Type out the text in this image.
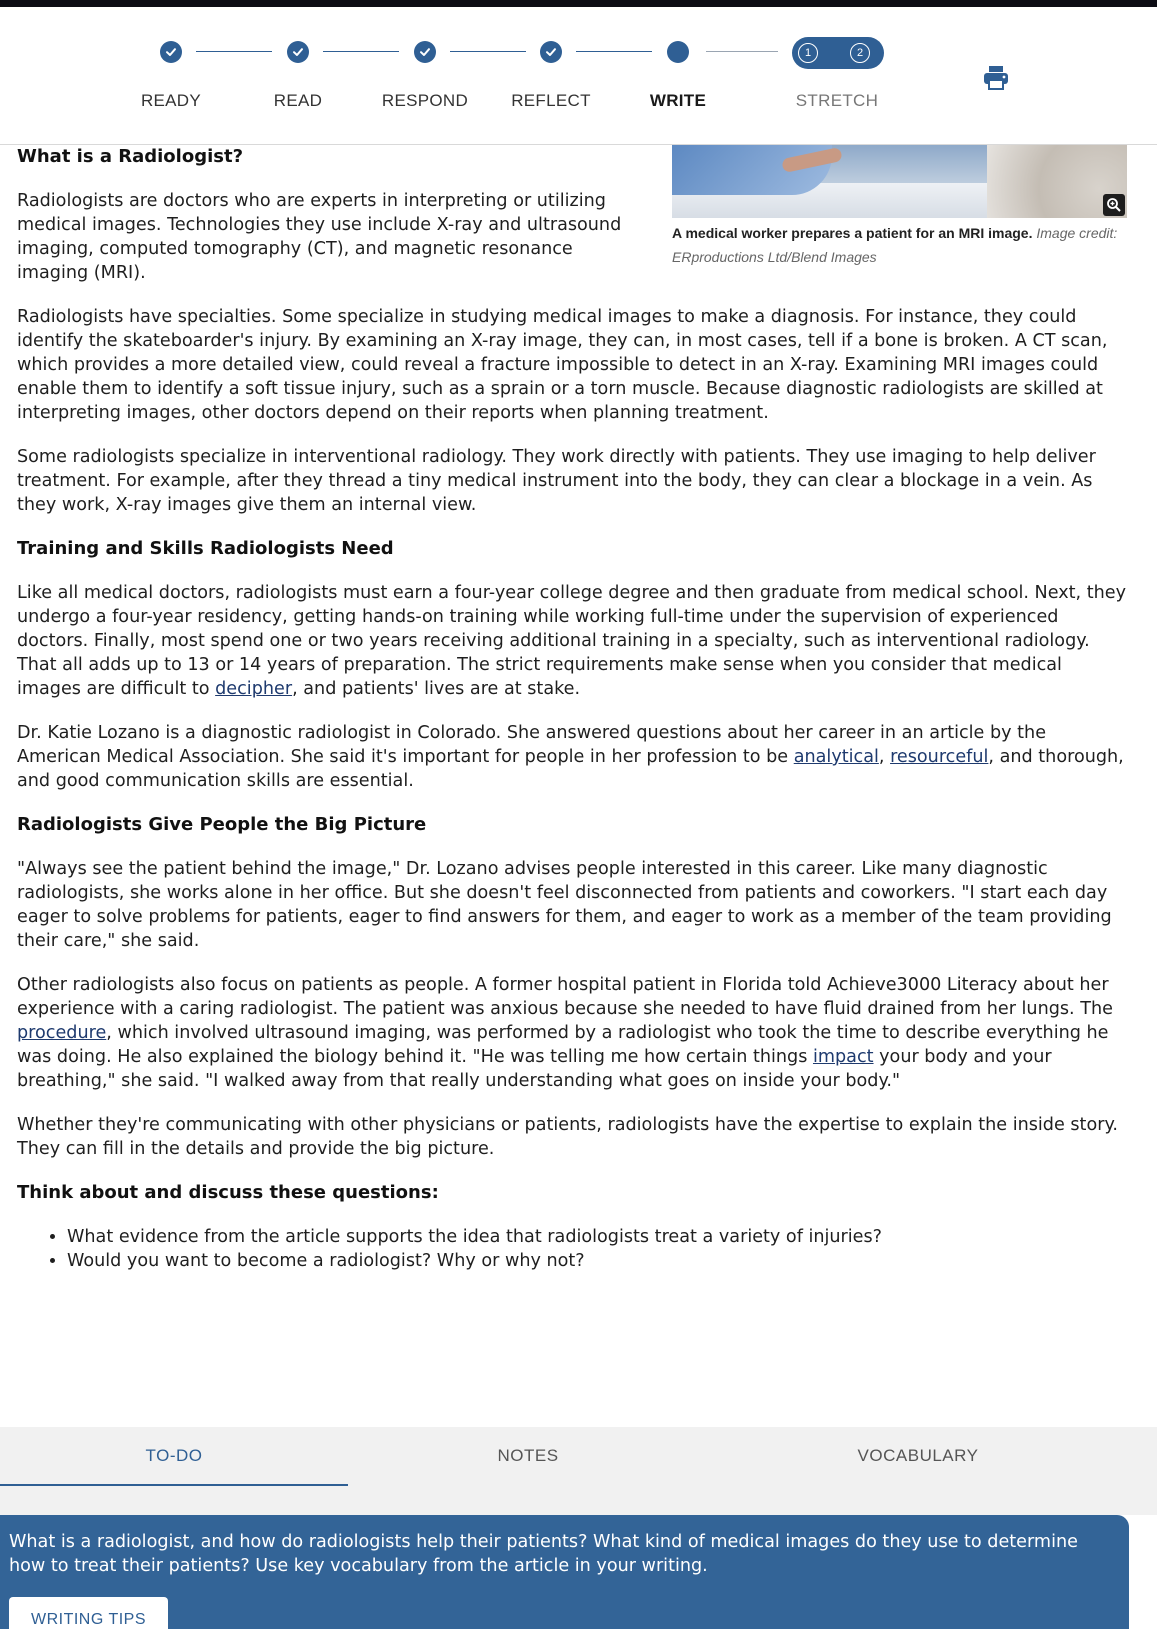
READY	READ	RESPOND	REFLECT	WRITE	STRETCH
1	2
A medical worker prepares a patient for an MRI image. Image credit: ERproductions Ltd/Blend Images
What is a Radiologist?

Radiologists are doctors who are experts in interpreting or utilizing medical images. Technologies they use include X-ray and ultrasound imaging, computed tomography (CT), and magnetic resonance imaging (MRI).

Radiologists have specialties. Some specialize in studying medical images to make a diagnosis. For instance, they could identify the skateboarder's injury. By examining an X-ray image, they can, in most cases, tell if a bone is broken. A CT scan, which provides a more detailed view, could reveal a fracture impossible to detect in an X-ray. Examining MRI images could enable them to identify a soft tissue injury, such as a sprain or a torn muscle. Because diagnostic radiologists are skilled at interpreting images, other doctors depend on their reports when planning treatment.

Some radiologists specialize in interventional radiology. They work directly with patients. They use imaging to help deliver treatment. For example, after they thread a tiny medical instrument into the body, they can clear a blockage in a vein. As they work, X-ray images give them an internal view.

Training and Skills Radiologists Need

Like all medical doctors, radiologists must earn a four-year college degree and then graduate from medical school. Next, they undergo a four-year residency, getting hands-on training while working full-time under the supervision of experienced doctors. Finally, most spend one or two years receiving additional training in a specialty, such as interventional radiology. That all adds up to 13 or 14 years of preparation. The strict requirements make sense when you consider that medical images are difficult to decipher, and patients' lives are at stake.

Dr. Katie Lozano is a diagnostic radiologist in Colorado. She answered questions about her career in an article by the American Medical Association. She said it's important for people in her profession to be analytical, resourceful, and thorough, and good communication skills are essential.

Radiologists Give People the Big Picture

"Always see the patient behind the image," Dr. Lozano advises people interested in this career. Like many diagnostic radiologists, she works alone in her office. But she doesn't feel disconnected from patients and coworkers. "I start each day eager to solve problems for patients, eager to find answers for them, and eager to work as a member of the team providing their care," she said.

Other radiologists also focus on patients as people. A former hospital patient in Florida told Achieve3000 Literacy about her experience with a caring radiologist. The patient was anxious because she needed to have fluid drained from her lungs. The procedure, which involved ultrasound imaging, was performed by a radiologist who took the time to describe everything he was doing. He also explained the biology behind it. "He was telling me how certain things impact your body and your breathing," she said. "I walked away from that really understanding what goes on inside your body."

Whether they're communicating with other physicians or patients, radiologists have the expertise to explain the inside story. They can fill in the details and provide the big picture.

Think about and discuss these questions:
• What evidence from the article supports the idea that radiologists treat a variety of injuries?
• Would you want to become a radiologist? Why or why not?
TO-DO	NOTES	VOCABULARY
What is a radiologist, and how do radiologists help their patients? What kind of medical images do they use to determine how to treat their patients? Use key vocabulary from the article in your writing.
WRITING TIPS
